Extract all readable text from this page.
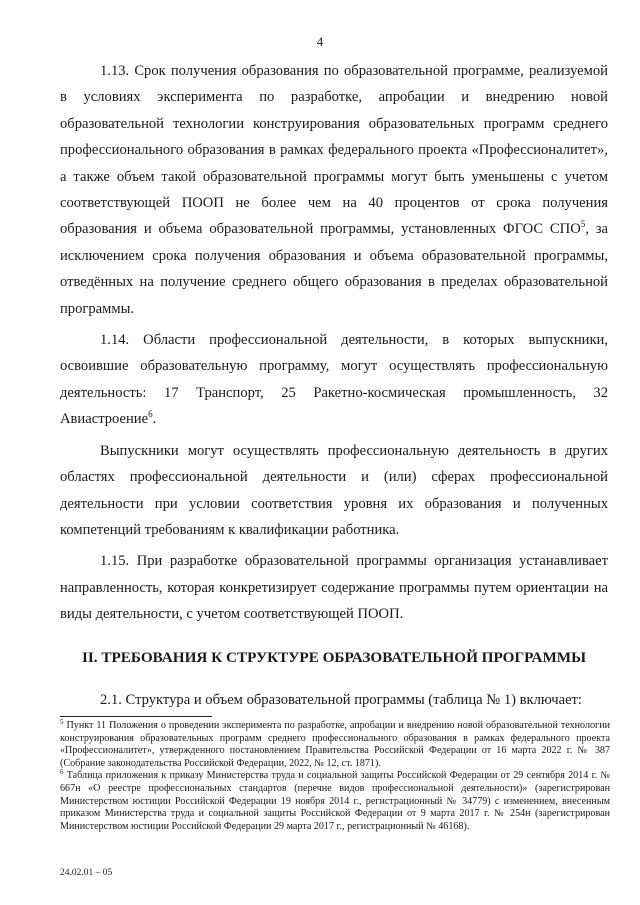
4

1.13. Срок получения образования по образовательной программе, реализуемой в условиях эксперимента по разработке, апробации и внедрению новой образовательной технологии конструирования образовательных программ среднего профессионального образования в рамках федерального проекта «Профессионалитет», а также объем такой образовательной программы могут быть уменьшены с учетом соответствующей ПООП не более чем на 40 процентов от срока получения образования и объема образовательной программы, установленных ФГОС СПО$^5$, за исключением срока получения образования и объема образовательной программы, отведённых на получение среднего общего образования в пределах образовательной программы.

1.14. Области профессиональной деятельности, в которых выпускники, освоившие образовательную программу, могут осуществлять профессиональную деятельность: 17 Транспорт, 25 Ракетно-космическая промышленность, 32 Авиастроение$^6$.

Выпускники могут осуществлять профессиональную деятельность в других областях профессиональной деятельности и (или) сферах профессиональной деятельности при условии соответствия уровня их образования и полученных компетенций требованиям к квалификации работника.

1.15. При разработке образовательной программы организация устанавливает направленность, которая конкретизирует содержание программы путем ориентации на виды деятельности, с учетом соответствующей ПООП.

II. ТРЕБОВАНИЯ К СТРУКТУРЕ ОБРАЗОВАТЕЛЬНОЙ ПРОГРАММЫ

2.1. Структура и объем образовательной программы (таблица № 1) включает:

$^5$ Пункт 11 Положения о проведении эксперимента по разработке, апробации и внедрению новой образовательной технологии конструирования образовательных программ среднего профессионального образования в рамках федерального проекта «Профессионалитет», утвержденного постановлением Правительства Российской Федерации от 16 марта 2022 г. № 387 (Собрание законодательства Российской Федерации, 2022, № 12, ст. 1871).

$^6$ Таблица приложения к приказу Министерства труда и социальной защиты Российской Федерации от 29 сентября 2014 г. № 667н «О реестре профессиональных стандартов (перечне видов профессиональной деятельности)» (зарегистрирован Министерством юстиции Российской Федерации 19 ноября 2014 г., регистрационный № 34779) с изменением, внесенным приказом Министерства труда и социальной защиты Российской Федерации от 9 марта 2017 г. № 254н (зарегистрирован Министерством юстиции Российской Федерации 29 марта 2017 г., регистрационный № 46168).

24.02.01 – 05
